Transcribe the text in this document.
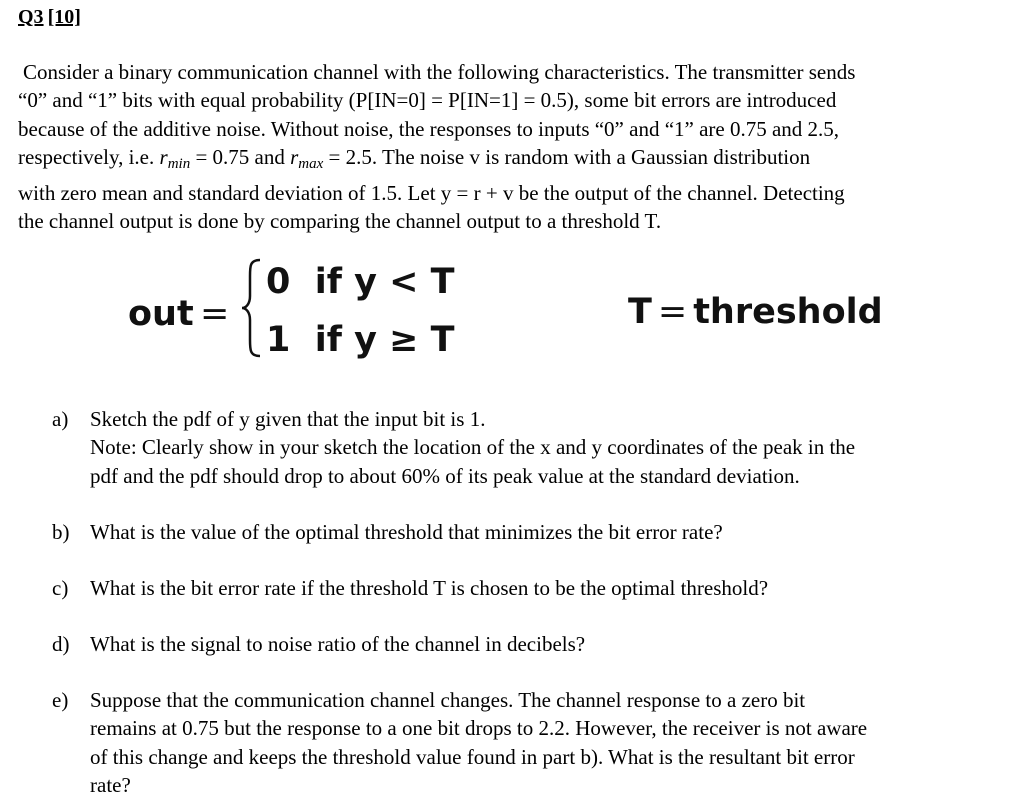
Q3 [10]

Consider a binary communication channel with the following characteristics. The transmitter sends

“0” and “1” bits with equal probability (P[IN=0] = P[IN=1] = 0.5), some bit errors are introduced

because of the additive noise. Without noise, the responses to inputs “0” and “1” are 0.75 and 2.5,

respectively, i.e. $r_{min} = 0.75$ and $r_{max} = 2.5$. The noise v is random with a Gaussian distribution

with zero mean and standard deviation of 1.5. Let y = r + v be the output of the channel. Detecting

the channel output is done by comparing the channel output to a threshold T.

out =
0  if y < T
1  if y ≥ T
T = threshold
a) Sketch the pdf of y given that the input bit is 1.
Note: Clearly show in your sketch the location of the x and y coordinates of the peak in the
pdf and the pdf should drop to about 60% of its peak value at the standard deviation.
b) What is the value of the optimal threshold that minimizes the bit error rate?
c) What is the bit error rate if the threshold T is chosen to be the optimal threshold?
d) What is the signal to noise ratio of the channel in decibels?
e) Suppose that the communication channel changes. The channel response to a zero bit
remains at 0.75 but the response to a one bit drops to 2.2. However, the receiver is not aware
of this change and keeps the threshold value found in part b). What is the resultant bit error
rate?
